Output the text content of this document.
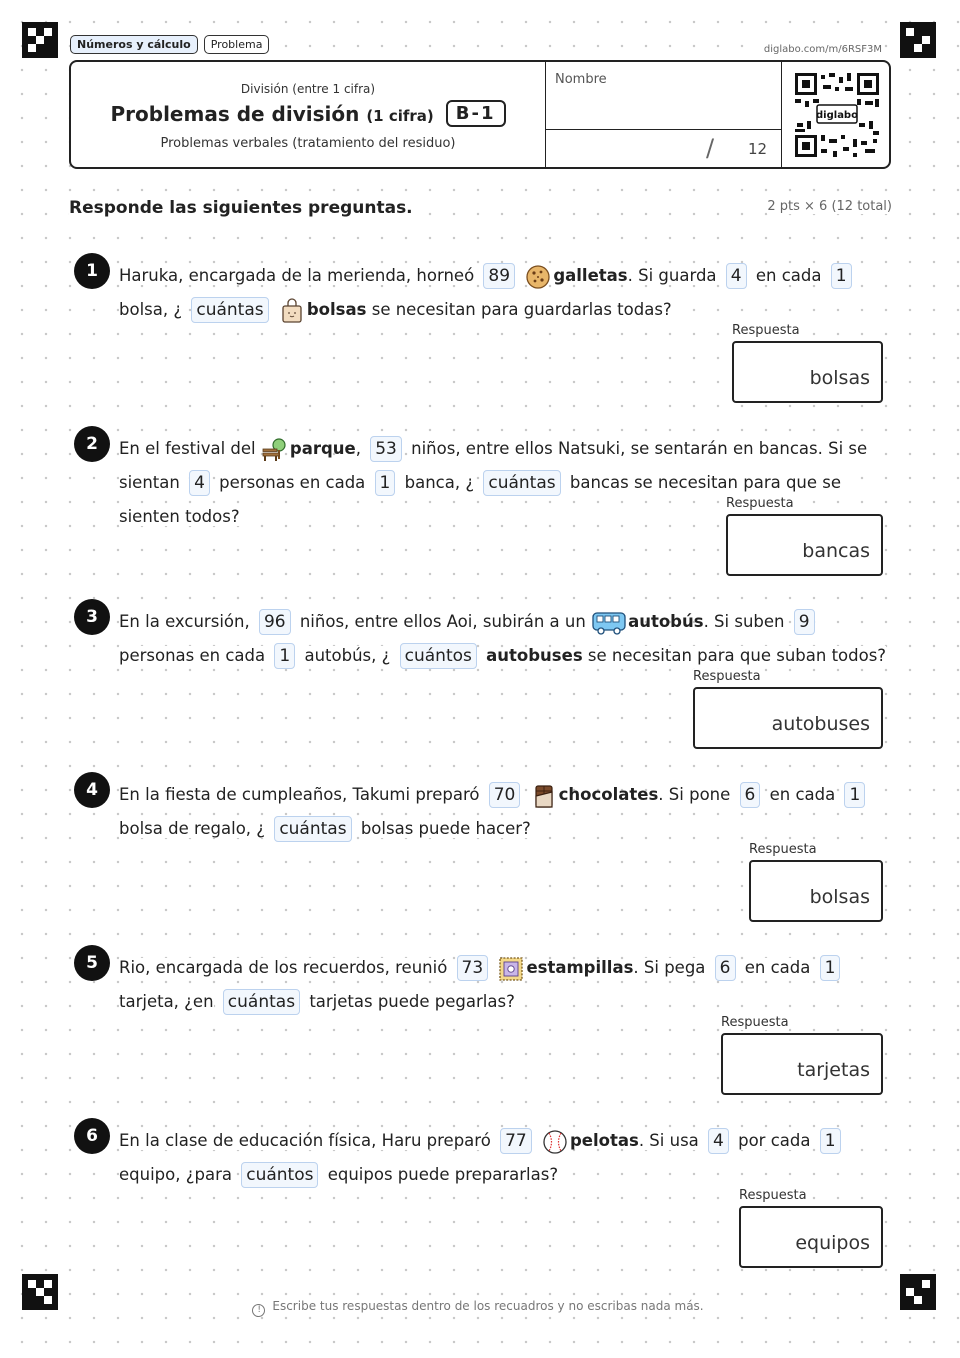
Números y cálculo	Problema	diglabo.com/m/6RSF3M
División (entre 1 cifra)
Problemas de división (1 cifra)	B-1
Problemas verbales (tratamiento del residuo)
Nombre
/ 12
diglabo
Responde las siguientes preguntas.	2 pts × 6 (12 total)
1	Haruka, encargada de la merienda, horneó 89	galletas. Si guarda 4 en cada 1 bolsa, ¿ cuántas	bolsas se necesitan para guardarlas todas?
Respuesta
bolsas
2	En el festival del parque, 53 niños, entre ellos Natsuki, se sentarán en bancas. Si se sientan 4 personas en cada 1 banca, ¿ cuántas bancas se necesitan para que se sienten todos?
Respuesta
bancas
3	En la excursión, 96 niños, entre ellos Aoi, subirán a un	autobús. Si suben 9 personas en cada 1 autobús, ¿ cuántos autobuses se necesitan para que suban todos?
Respuesta
autobuses
4	En la fiesta de cumpleaños, Takumi preparó 70	chocolates. Si pone 6 en cada 1 bolsa de regalo, ¿ cuántas bolsas puede hacer?
Respuesta
bolsas
5	Rio, encargada de los recuerdos, reunió 73	estampillas. Si pega 6 en cada 1 tarjeta, ¿en cuántas tarjetas puede pegarlas?
Respuesta
tarjetas
6	En la clase de educación física, Haru preparó 77	pelotas. Si usa 4 por cada 1 equipo, ¿para cuántos equipos puede prepararlas?
Respuesta
equipos
! Escribe tus respuestas dentro de los recuadros y no escribas nada más.
